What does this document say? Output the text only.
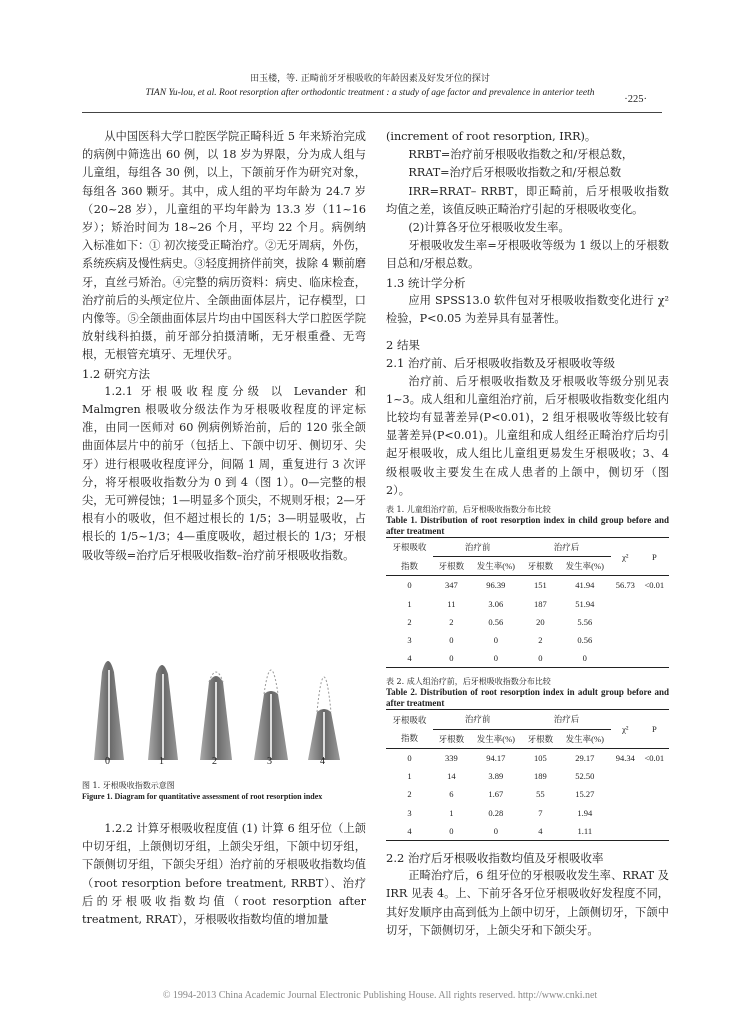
田玉楼，等. 正畸前牙牙根吸收的年龄因素及好发牙位的探讨
TIAN Yu-lou, et al. Root resorption after orthodontic treatment : a study of age factor and prevalence in anterior teeth
·225·

从中国医科大学口腔医学院正畸科近 5 年来矫治完成的病例中筛选出 60 例，以 18 岁为界限，分为成人组与儿童组，每组各 30 例，以上，下颌前牙作为研究对象，每组各 360 颗牙。其中，成人组的平均年龄为 24.7 岁（20~28 岁），儿童组的平均年龄为 13.3 岁（11~16 岁）；矫治时间为 18~26 个月，平均 22 个月。病例纳入标准如下：① 初次接受正畸治疗。②无牙周病，外伤，系统疾病及慢性病史。③轻度拥挤伴前突，拔除 4 颗前磨牙，直丝弓矫治。④完整的病历资料：病史、临床检查，治疗前后的头颅定位片、全颌曲面体层片，记存模型，口内像等。⑤全颌曲面体层片均由中国医科大学口腔医学院放射线科拍摄，前牙部分拍摄清晰，无牙根重叠、无弯根，无根管充填牙、无埋伏牙。

1.2 研究方法

1.2.1 牙根吸收程度分级 以 Levander 和 Malmgren 根吸收分级法作为牙根吸收程度的评定标准，由同一医师对 60 例病例矫治前，后的 120 张全颌曲面体层片中的前牙（包括上、下颌中切牙、侧切牙、尖牙）进行根吸收程度评分，间隔 1 周，重复进行 3 次评分，将牙根吸收指数分为 0 到 4（图 1）。0—完整的根尖，无可辨侵蚀；1—明显多个顶尖，不规则牙根；2—牙根有小的吸收，但不超过根长的 1/5；3—明显吸收，占根长的 1/5~1/3；4—重度吸收，超过根长的 1/3；牙根吸收等级=治疗后牙根吸收指数–治疗前牙根吸收指数。

0	1	2	3	4
图 1. 牙根吸收指数示意图
Figure 1. Diagram for quantitative assessment of root resorption index

1.2.2 计算牙根吸收程度值 (1) 计算 6 组牙位（上颌中切牙组，上颌侧切牙组，上颌尖牙组，下颌中切牙组，下颌侧切牙组，下颌尖牙组）治疗前的牙根吸收指数均值（root resorption before treatment, RRBT）、治疗后的牙根吸收指数均值（root resorption after treatment, RRAT），牙根吸收指数均值的增加量

(increment of root resorption, IRR)。

RRBT=治疗前牙根吸收指数之和/牙根总数，

RRAT=治疗后牙根吸收指数之和/牙根总数

IRR=RRAT– RRBT，即正畸前，后牙根吸收指数均值之差，该值反映正畸治疗引起的牙根吸收变化。

(2)计算各牙位牙根吸收发生率。

牙根吸收发生率=牙根吸收等级为 1 级以上的牙根数目总和/牙根总数。

1.3 统计学分析

应用 SPSS13.0 软件包对牙根吸收指数变化进行 χ² 检验，P<0.05 为差异具有显著性。

2 结果

2.1 治疗前、后牙根吸收指数及牙根吸收等级

治疗前、后牙根吸收指数及牙根吸收等级分别见表 1~3。成人组和儿童组治疗前，后牙根吸收指数变化组内比较均有显著差异(P<0.01)，2 组牙根吸收等级比较有显著差异(P<0.01)。儿童组和成人组经正畸治疗后均引起牙根吸收，成人组比儿童组更易发生牙根吸收；3、4 级根吸收主要发生在成人患者的上颌中，侧切牙（图 2）。

表 1. 儿童组治疗前，后牙根吸收指数分布比较
Table 1. Distribution of root resorption index in child group before and after treatment
牙根吸收	治疗前		治疗后		χ²	P
指数	牙根数	发生率(%)	牙根数	发生率(%)		
0	347	96.39	151	41.94	56.73	<0.01
1	11	3.06	187	51.94		
2	2	0.56	20	5.56		
3	0	0	2	0.56		
4	0	0	0	0		
表 2. 成人组治疗前，后牙根吸收指数分布比较
Table 2. Distribution of root resorption index in adult group before and after treatment
牙根吸收	治疗前		治疗后		χ²	P
指数	牙根数	发生率(%)	牙根数	发生率(%)		
0	339	94.17	105	29.17	94.34	<0.01
1	14	3.89	189	52.50		
2	6	1.67	55	15.27		
3	1	0.28	7	1.94		
4	0	0	4	1.11		

2.2 治疗后牙根吸收指数均值及牙根吸收率

正畸治疗后，6 组牙位的牙根吸收发生率、RRAT 及 IRR 见表 4。上、下前牙各牙位牙根吸收好发程度不同，其好发顺序由高到低为上颌中切牙，上颌侧切牙，下颌中切牙，下颌侧切牙，上颌尖牙和下颌尖牙。

© 1994-2013 China Academic Journal Electronic Publishing House. All rights reserved. http://www.cnki.net
